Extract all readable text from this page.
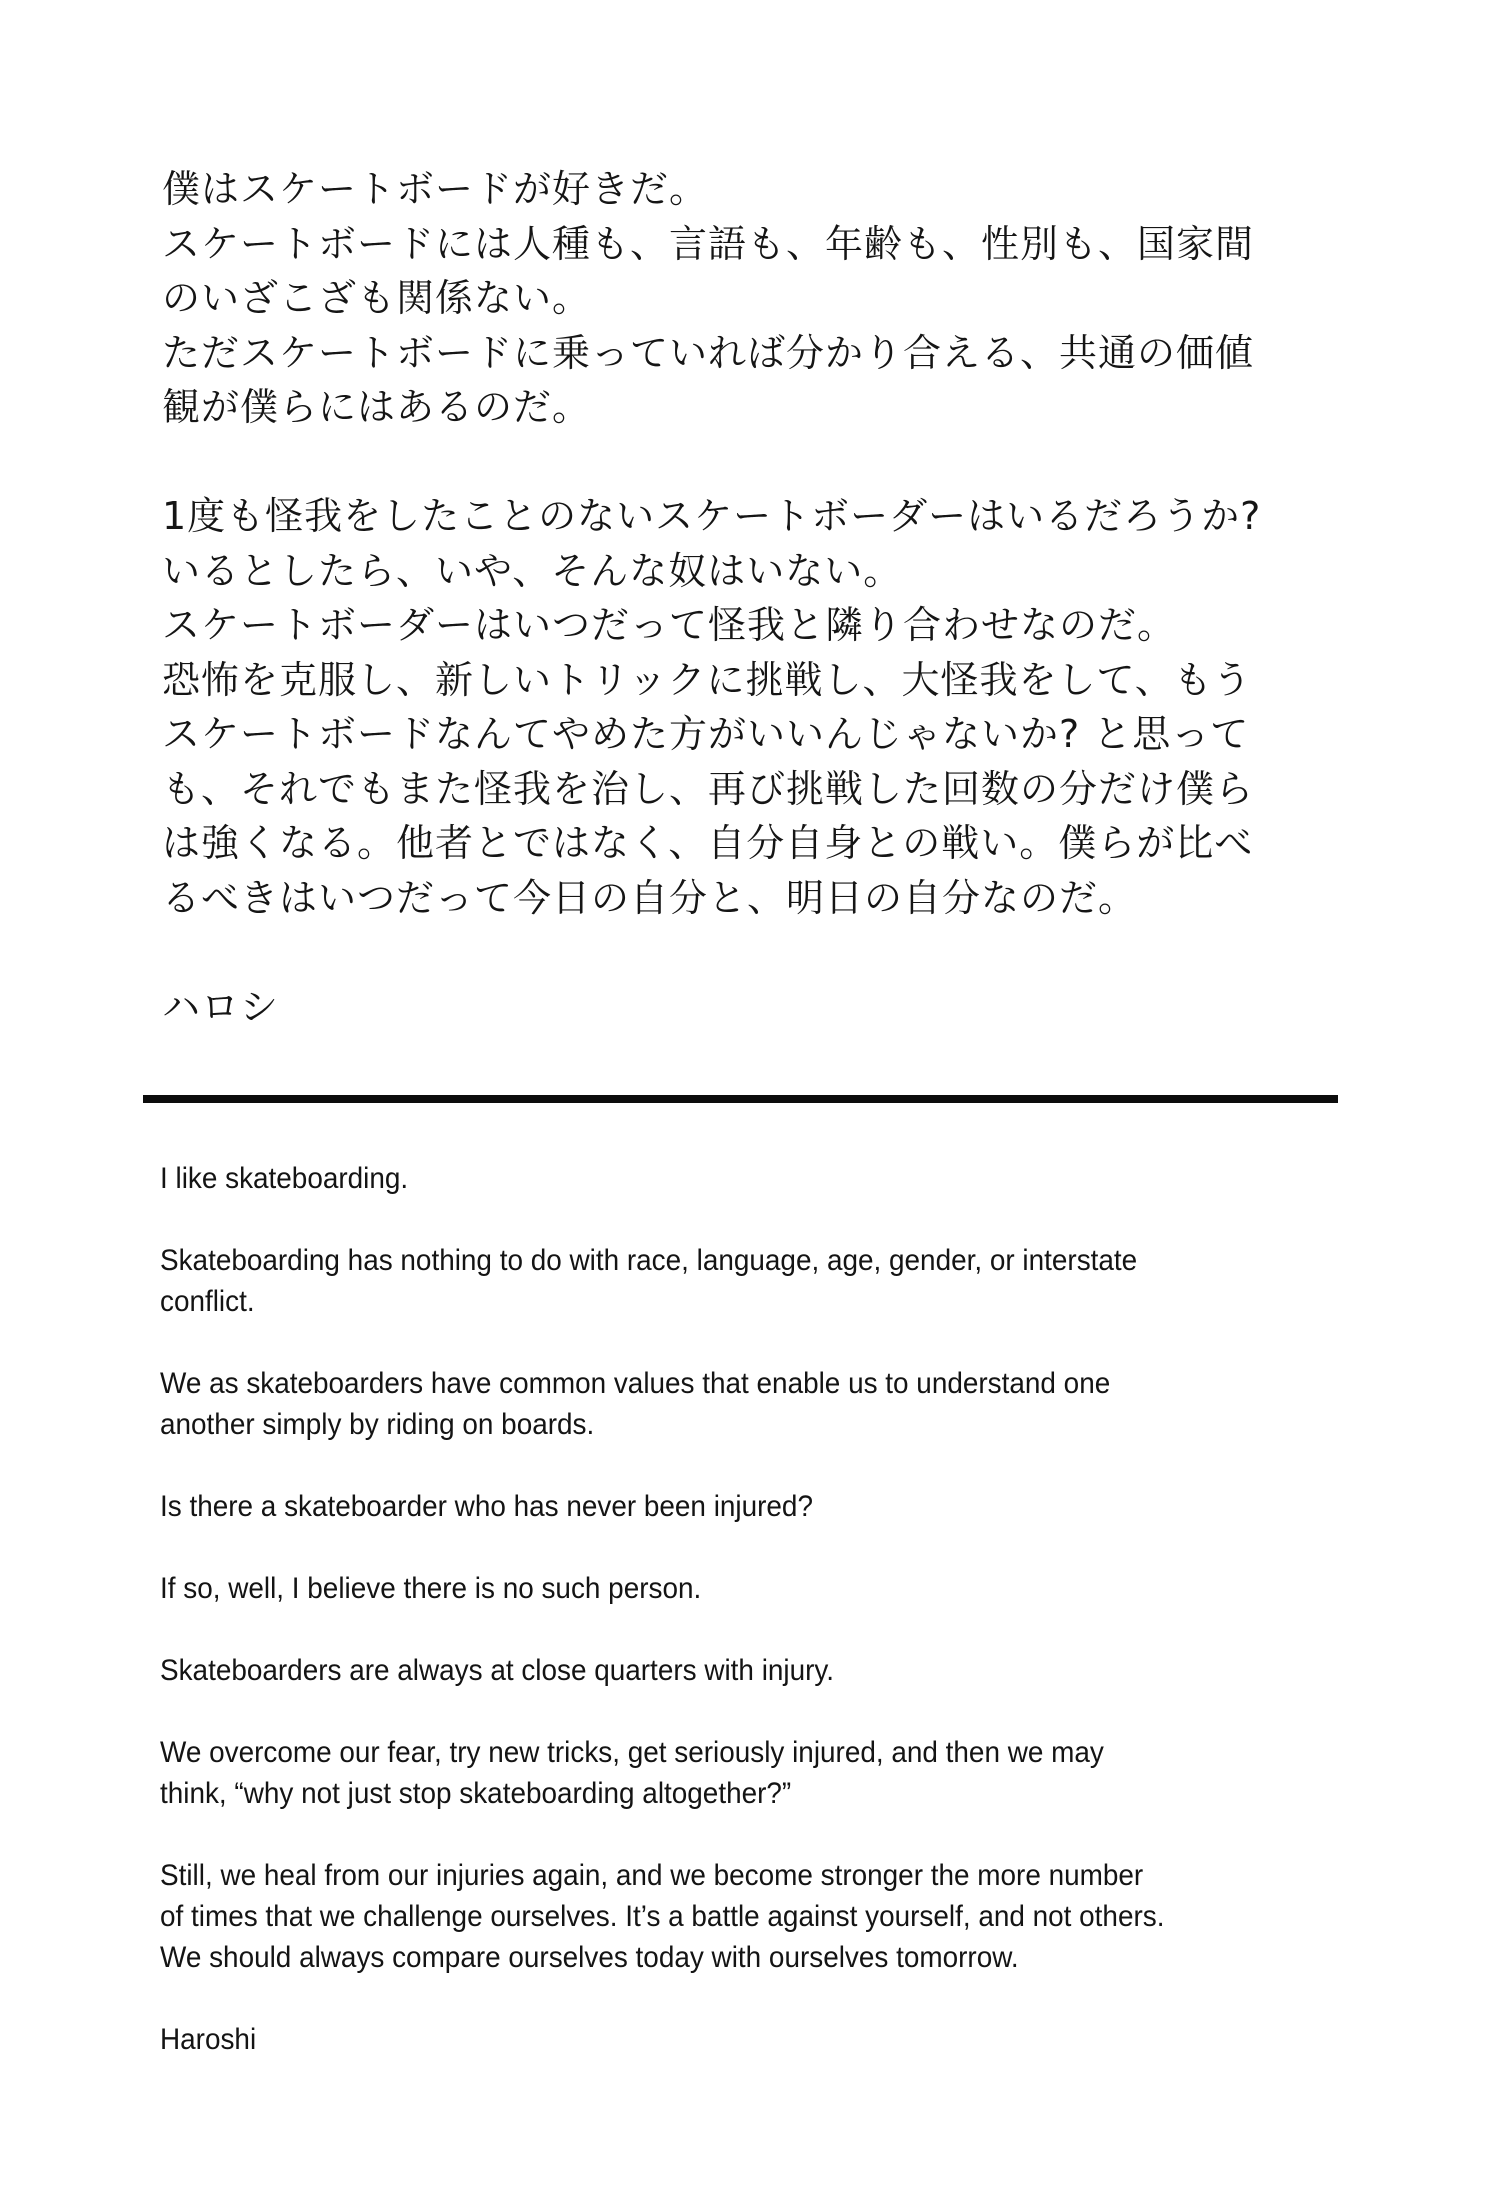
僕はスケートボードが好きだ。
スケートボードには人種も、言語も、年齢も、性別も、国家間
のいざこざも関係ない。
ただスケートボードに乗っていれば分かり合える、共通の価値
観が僕らにはあるのだ。

1度も怪我をしたことのないスケートボーダーはいるだろうか?
いるとしたら、いや、そんな奴はいない。
スケートボーダーはいつだって怪我と隣り合わせなのだ。
恐怖を克服し、新しいトリックに挑戦し、大怪我をして、もう
スケートボードなんてやめた方がいいんじゃないか? と思って
も、それでもまた怪我を治し、再び挑戦した回数の分だけ僕ら
は強くなる。他者とではなく、自分自身との戦い。僕らが比べ
るべきはいつだって今日の自分と、明日の自分なのだ。

ハロシ

I like skateboarding.

Skateboarding has nothing to do with race, language, age, gender, or interstate
conflict.

We as skateboarders have common values that enable us to understand one
another simply by riding on boards.

Is there a skateboarder who has never been injured?

If so, well, I believe there is no such person.

Skateboarders are always at close quarters with injury.

We overcome our fear, try new tricks, get seriously injured, and then we may
think, “why not just stop skateboarding altogether?”

Still, we heal from our injuries again, and we become stronger the more number
of times that we challenge ourselves. It’s a battle against yourself, and not others.
We should always compare ourselves today with ourselves tomorrow.

Haroshi
